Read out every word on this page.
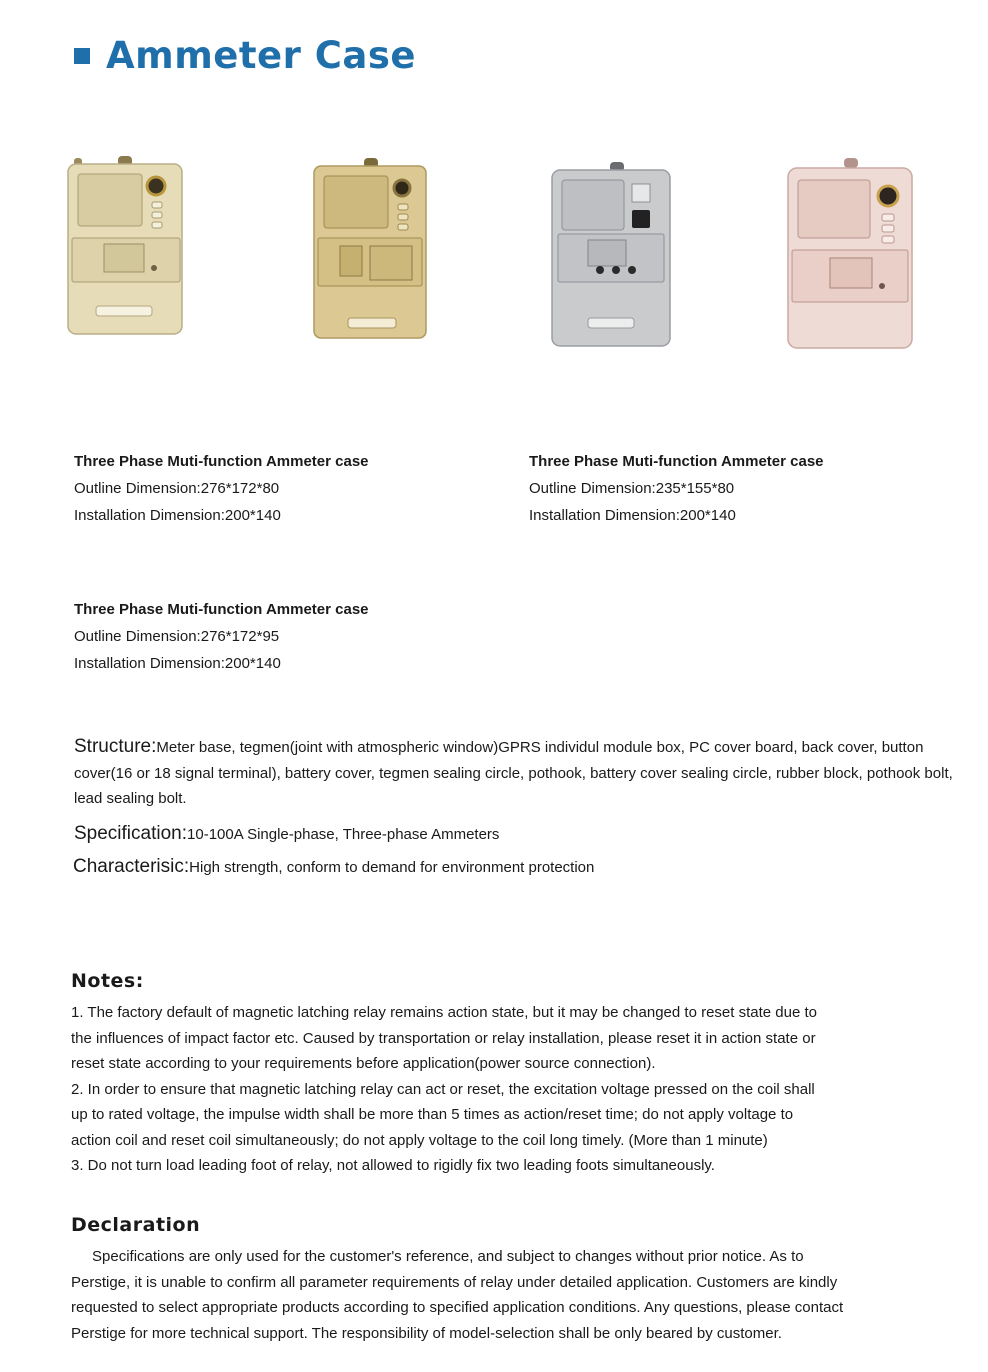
Ammeter Case
Three Phase Muti-function Ammeter case
Outline Dimension:276*172*80
Installation Dimension:200*140
Three Phase Muti-function Ammeter case
Outline Dimension:235*155*80
Installation Dimension:200*140
Three Phase Muti-function Ammeter case
Outline Dimension:276*172*95
Installation Dimension:200*140
Structure:Meter base, tegmen(joint with atmospheric window)GPRS individul module box, PC cover board, back cover, button cover(16 or 18 signal terminal), battery cover, tegmen sealing circle, pothook, battery cover sealing circle, rubber block, pothook bolt, lead sealing bolt.
Specification:10-100A Single-phase, Three-phase Ammeters
Characterisic:High strength, conform to demand for environment protection
Notes:

1. The factory default of magnetic latching relay remains action state, but it may be changed to reset state due to the influences of impact factor etc. Caused by transportation or relay installation, please reset it in action state or reset state according to your requirements before application(power source connection).

2. In order to ensure that magnetic latching relay can act or reset, the excitation voltage pressed on the coil shall up to rated voltage, the impulse width shall be more than 5 times as action/reset time; do not apply voltage to action coil and reset coil simultaneously; do not apply voltage to the coil long timely. (More than 1 minute)

3. Do not turn load leading foot of relay, not allowed to rigidly fix two leading foots simultaneously.

Declaration

Specifications are only used for the customer's reference, and subject to changes without prior notice. As to Perstige, it is unable to confirm all parameter requirements of relay under detailed application. Customers are kindly requested to select appropriate products according to specified application conditions. Any questions, please contact Perstige for more technical support. The responsibility of model-selection shall be only beared by customer.
